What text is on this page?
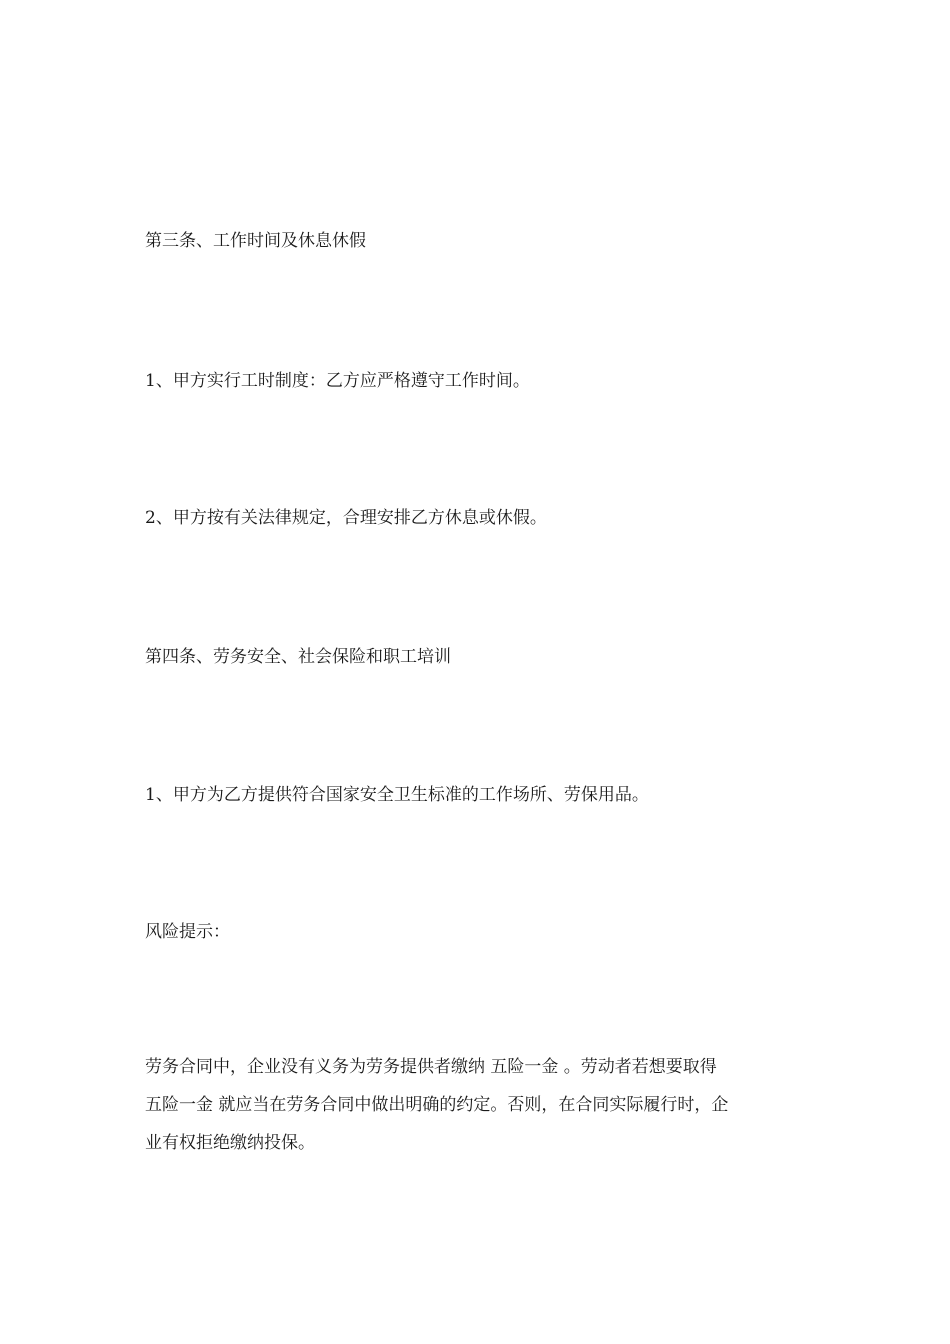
第三条、工作时间及休息休假

1、甲方实行工时制度：乙方应严格遵守工作时间。

2、甲方按有关法律规定，合理安排乙方休息或休假。

第四条、劳务安全、社会保险和职工培训

1、甲方为乙方提供符合国家安全卫生标准的工作场所、劳保用品。

风险提示：

劳务合同中，企业没有义务为劳务提供者缴纳 五险一金 。劳动者若想要取得
五险一金 就应当在劳务合同中做出明确的约定。否则，在合同实际履行时，企
业有权拒绝缴纳投保。
